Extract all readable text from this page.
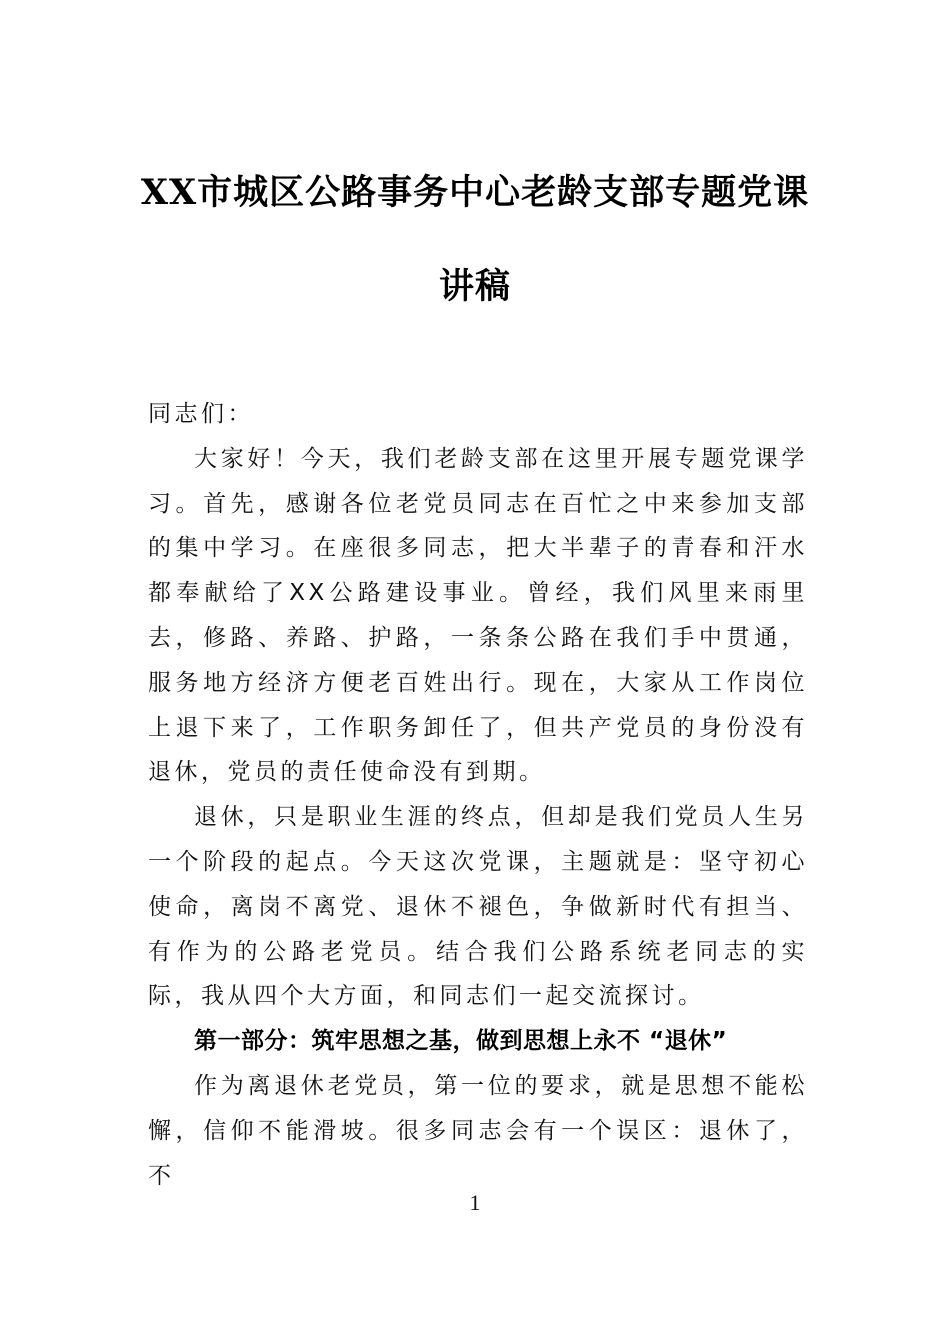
XX市城区公路事务中心老龄支部专题党课
讲稿

同志们：

大家好！今天，我们老龄支部在这里开展专题党课学习。首先，感谢各位老党员同志在百忙之中来参加支部的集中学习。在座很多同志，把大半辈子的青春和汗水都奉献给了XX公路建设事业。曾经，我们风里来雨里去，修路、养路、护路，一条条公路在我们手中贯通，服务地方经济方便老百姓出行。现在，大家从工作岗位上退下来了，工作职务卸任了，但共产党员的身份没有退休，党员的责任使命没有到期。

退休，只是职业生涯的终点，但却是我们党员人生另一个阶段的起点。今天这次党课，主题就是：坚守初心使命，离岗不离党、退休不褪色，争做新时代有担当、有作为的公路老党员。结合我们公路系统老同志的实际，我从四个大方面，和同志们一起交流探讨。

第一部分：筑牢思想之基，做到思想上永不 “退休”

作为离退休老党员，第一位的要求，就是思想不能松懈，信仰不能滑坡。很多同志会有一个误区：退休了，不

1
